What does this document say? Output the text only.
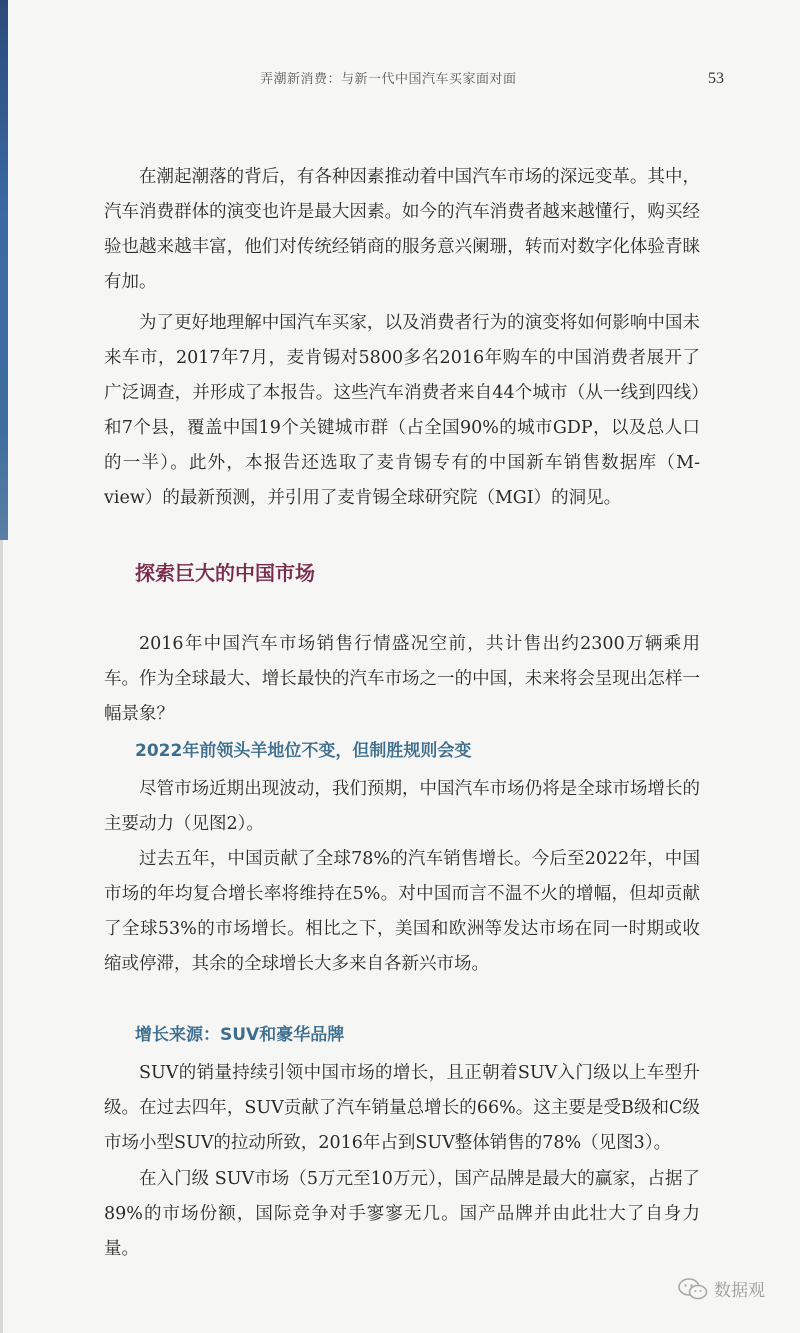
弄潮新消费：与新一代中国汽车买家面对面	53

在潮起潮落的背后，有各种因素推动着中国汽车市场的深远变革。其中，汽车消费群体的演变也许是最大因素。如今的汽车消费者越来越懂行，购买经验也越来越丰富，他们对传统经销商的服务意兴阑珊，转而对数字化体验青睐有加。

为了更好地理解中国汽车买家，以及消费者行为的演变将如何影响中国未来车市，2017年7月，麦肯锡对5800多名2016年购车的中国消费者展开了广泛调查，并形成了本报告。这些汽车消费者来自44个城市（从一线到四线）和7个县，覆盖中国19个关键城市群（占全国90%的城市GDP，以及总人口的一半）。此外，本报告还选取了麦肯锡专有的中国新车销售数据库（M-view）的最新预测，并引用了麦肯锡全球研究院（MGI）的洞见。

探索巨大的中国市场

2016年中国汽车市场销售行情盛况空前，共计售出约2300万辆乘用车。作为全球最大、增长最快的汽车市场之一的中国，未来将会呈现出怎样一幅景象？

2022年前领头羊地位不变，但制胜规则会变

尽管市场近期出现波动，我们预期，中国汽车市场仍将是全球市场增长的主要动力（见图2）。

过去五年，中国贡献了全球78%的汽车销售增长。今后至2022年，中国市场的年均复合增长率将维持在5%。对中国而言不温不火的增幅，但却贡献了全球53%的市场增长。相比之下，美国和欧洲等发达市场在同一时期或收缩或停滞，其余的全球增长大多来自各新兴市场。

增长来源：SUV和豪华品牌

SUV的销量持续引领中国市场的增长，且正朝着SUV入门级以上车型升级。在过去四年，SUV贡献了汽车销量总增长的66%。这主要是受B级和C级市场小型SUV的拉动所致，2016年占到SUV整体销售的78%（见图3）。

在入门级 SUV市场（5万元至10万元），国产品牌是最大的赢家，占据了89%的市场份额，国际竞争对手寥寥无几。国产品牌并由此壮大了自身力量。

数据观
